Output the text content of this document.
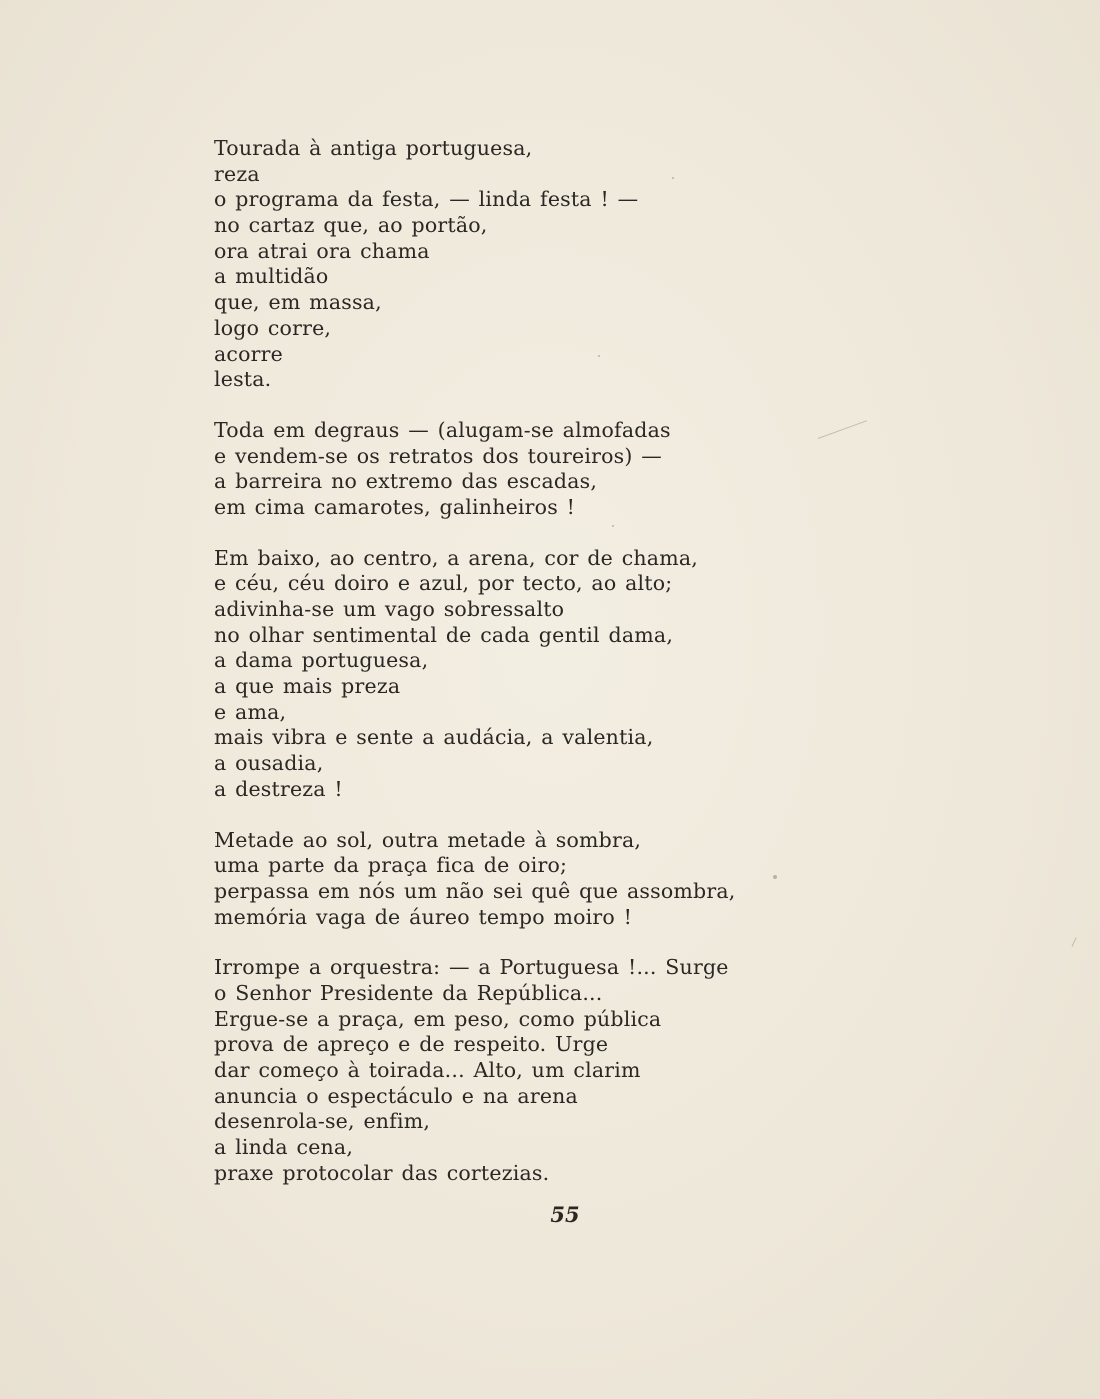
Tourada à antiga portuguesa,
reza
o programa da festa, — linda festa ! —
no cartaz que, ao portão,
ora atrai ora chama
a multidão
que, em massa,
logo corre,
acorre
lesta.
Toda em degraus — (alugam-se almofadas
e vendem-se os retratos dos toureiros) —
a barreira no extremo das escadas,
em cima camarotes, galinheiros !
Em baixo, ao centro, a arena, cor de chama,
e céu, céu doiro e azul, por tecto, ao alto;
adivinha-se um vago sobressalto
no olhar sentimental de cada gentil dama,
a dama portuguesa,
a que mais preza
e ama,
mais vibra e sente a audácia, a valentia,
a ousadia,
a destreza !
Metade ao sol, outra metade à sombra,
uma parte da praça fica de oiro;
perpassa em nós um não sei quê que assombra,
memória vaga de áureo tempo moiro !
Irrompe a orquestra: — a Portuguesa !... Surge
o Senhor Presidente da República...
Ergue-se a praça, em peso, como pública
prova de apreço e de respeito. Urge
dar começo à toirada... Alto, um clarim
anuncia o espectáculo e na arena
desenrola-se, enfim,
a linda cena,
praxe protocolar das cortezias.
55
